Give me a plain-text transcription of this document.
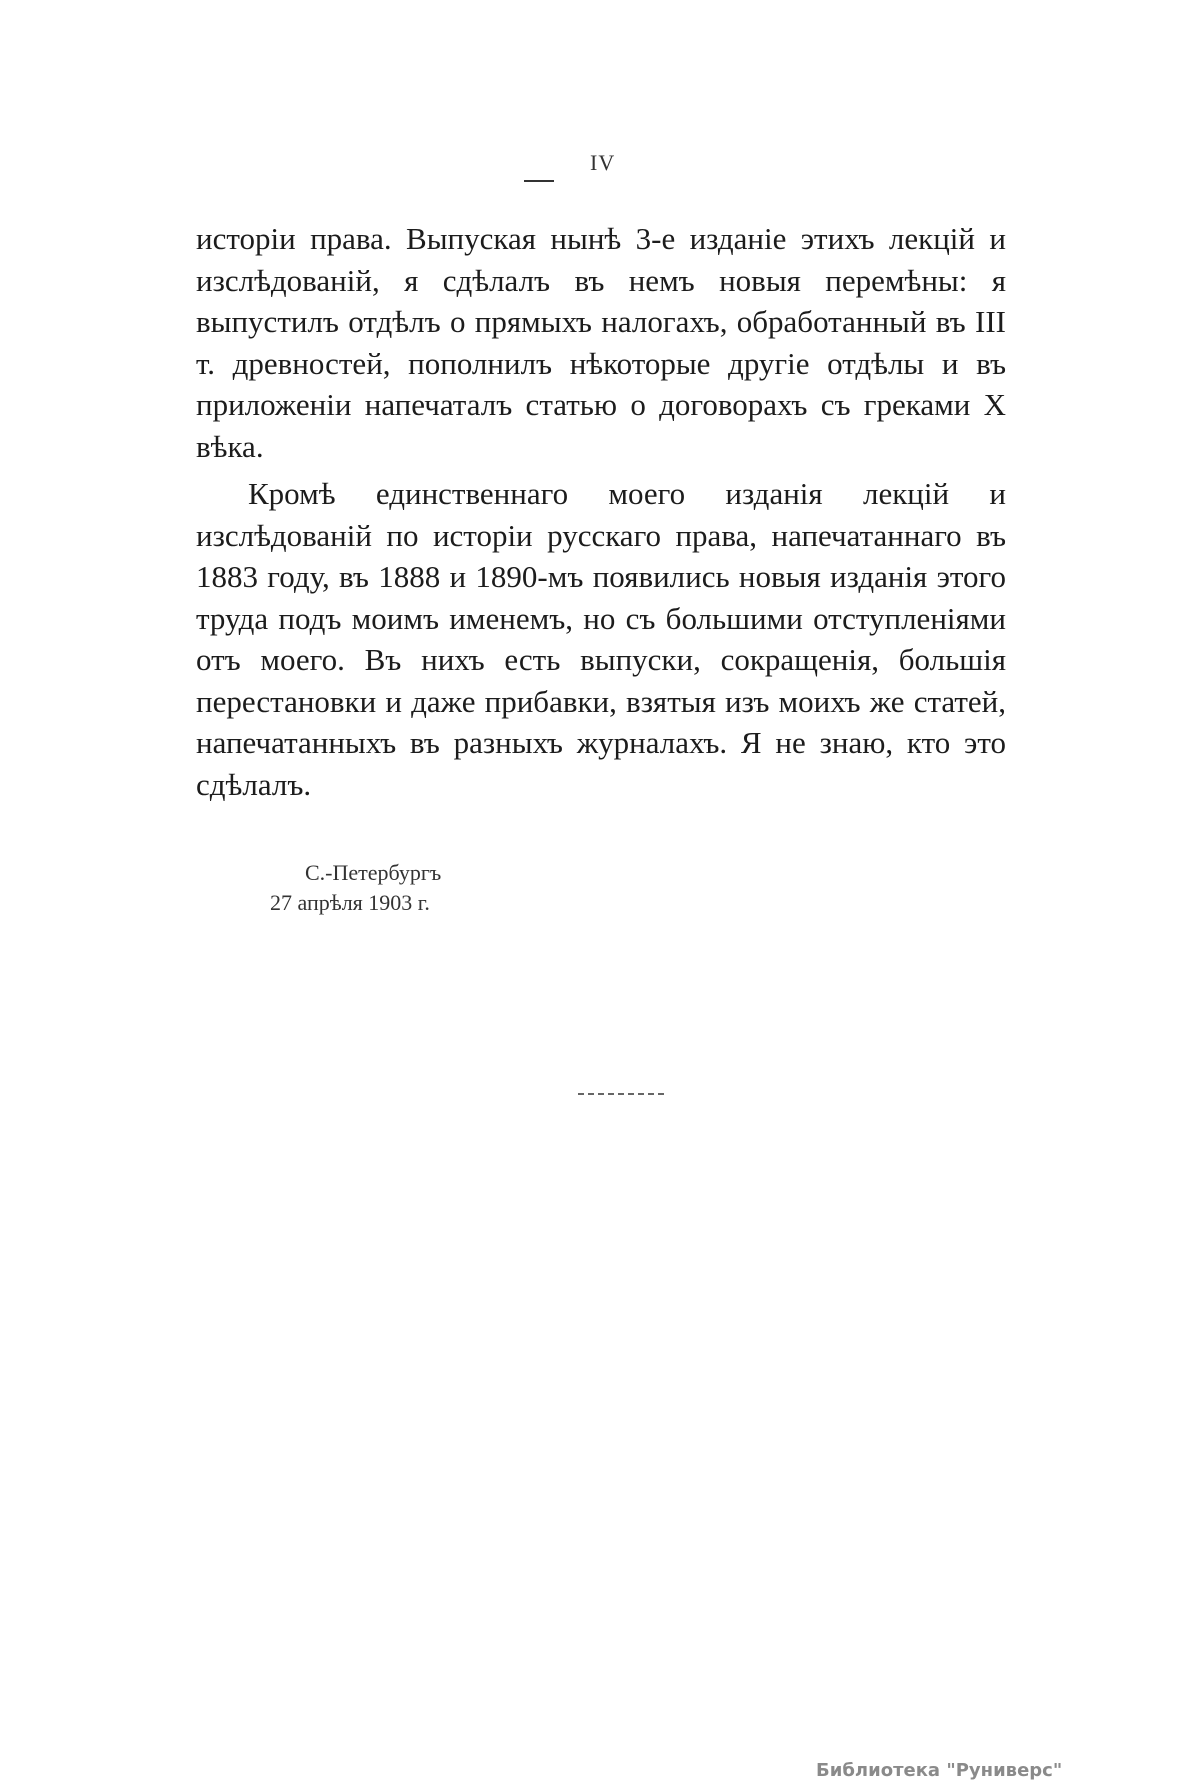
IV

исторіи права. Выпуская нынѣ 3-е изданіе этихъ лекцій и изслѣдованій, я сдѣлалъ въ немъ новыя перемѣны: я выпустилъ отдѣлъ о прямыхъ налогахъ, обработанный въ III т. древностей, пополнилъ нѣкоторые другіе отдѣлы и въ приложеніи напечаталъ статью о договорахъ съ греками X вѣка.

Кромѣ единственнаго моего изданія лекцій и изслѣдованій по исторіи русскаго права, напечатаннаго въ 1883 году, въ 1888 и 1890-мъ появились новыя изданія этого труда подъ моимъ именемъ, но съ большими отступленіями отъ моего. Въ нихъ есть выпуски, сокращенія, большія перестановки и даже прибавки, взятыя изъ моихъ же статей, напечатанныхъ въ разныхъ журналахъ. Я не знаю, кто это сдѣлалъ.

С.-Петербургъ
27 апрѣля 1903 г.
Библиотека "Руниверс"
